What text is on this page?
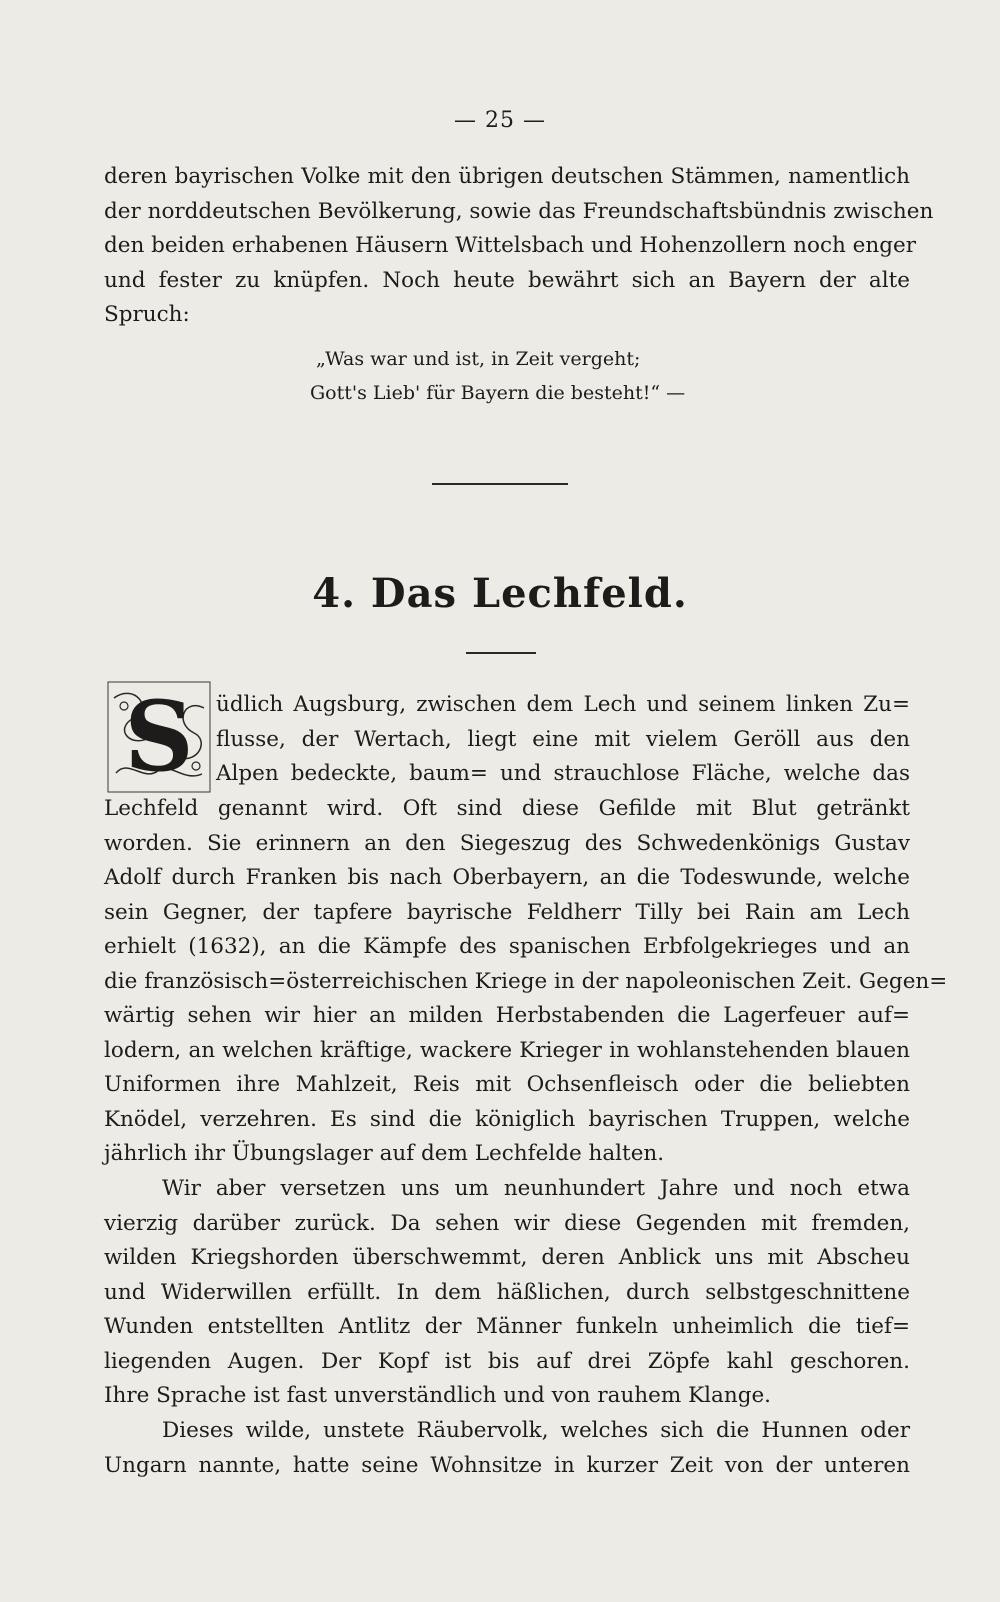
— 25 —
deren bayrischen Volke mit den übrigen deutschen Stämmen, namentlich
der norddeutschen Bevölkerung, sowie das Freundschaftsbündnis zwischen
den beiden erhabenen Häusern Wittelsbach und Hohenzollern noch enger
und fester zu knüpfen. Noch heute bewährt sich an Bayern der alte
Spruch:
„Was war und ist, in Zeit vergeht;
Gott's Lieb' für Bayern die besteht!“ —
4. Das Lechfeld.
S üdlich Augsburg, zwischen dem Lech und seinem linken Zu=
flusse, der Wertach, liegt eine mit vielem Geröll aus den
Alpen bedeckte, baum= und strauchlose Fläche, welche das
Lechfeld genannt wird. Oft sind diese Gefilde mit Blut getränkt
worden. Sie erinnern an den Siegeszug des Schwedenkönigs Gustav
Adolf durch Franken bis nach Oberbayern, an die Todeswunde, welche
sein Gegner, der tapfere bayrische Feldherr Tilly bei Rain am Lech
erhielt (1632), an die Kämpfe des spanischen Erbfolgekrieges und an
die französisch=österreichischen Kriege in der napoleonischen Zeit. Gegen=
wärtig sehen wir hier an milden Herbstabenden die Lagerfeuer auf=
lodern, an welchen kräftige, wackere Krieger in wohlanstehenden blauen
Uniformen ihre Mahlzeit, Reis mit Ochsenfleisch oder die beliebten
Knödel, verzehren. Es sind die königlich bayrischen Truppen, welche
jährlich ihr Übungslager auf dem Lechfelde halten.
Wir aber versetzen uns um neunhundert Jahre und noch etwa
vierzig darüber zurück. Da sehen wir diese Gegenden mit fremden,
wilden Kriegshorden überschwemmt, deren Anblick uns mit Abscheu
und Widerwillen erfüllt. In dem häßlichen, durch selbstgeschnittene
Wunden entstellten Antlitz der Männer funkeln unheimlich die tief=
liegenden Augen. Der Kopf ist bis auf drei Zöpfe kahl geschoren.
Ihre Sprache ist fast unverständlich und von rauhem Klange.
Dieses wilde, unstete Räubervolk, welches sich die Hunnen oder
Ungarn nannte, hatte seine Wohnsitze in kurzer Zeit von der unteren
